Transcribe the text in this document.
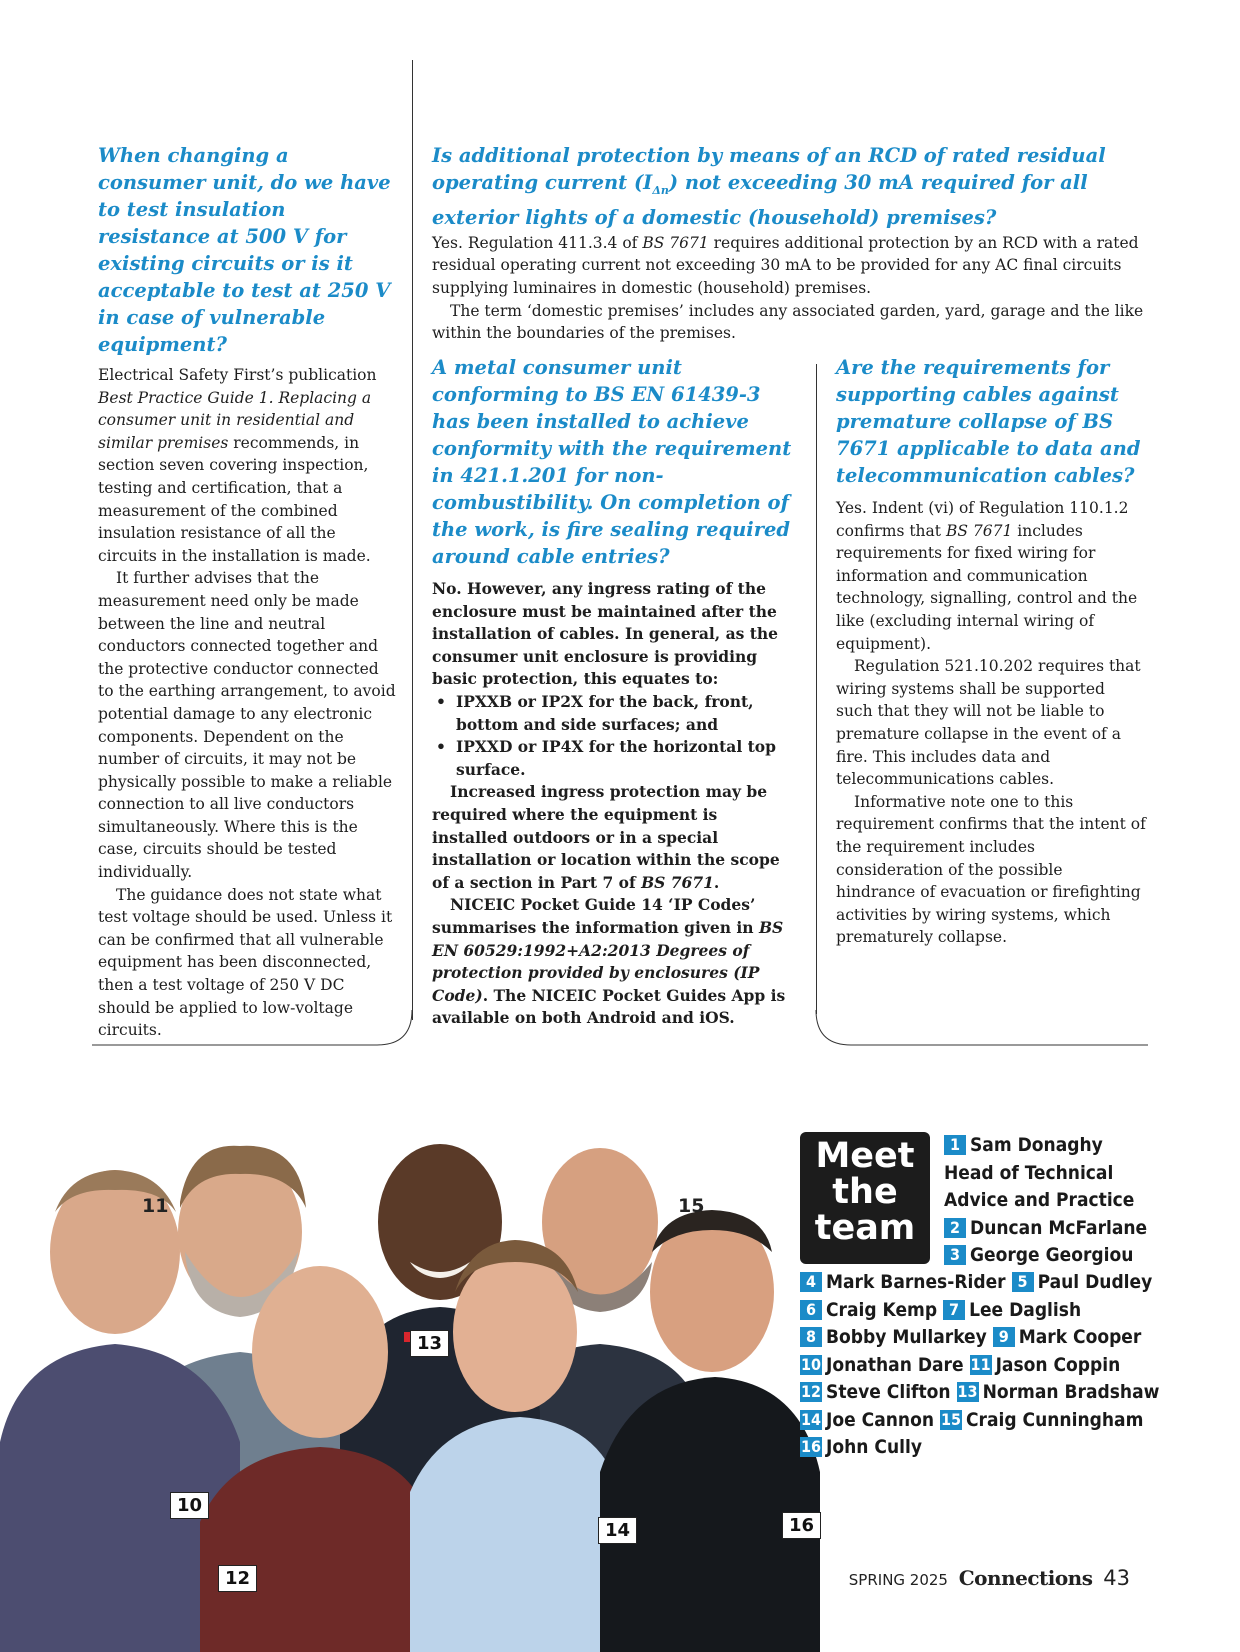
When changing a consumer unit, do we have to test insulation resistance at 500 V for existing circuits or is it acceptable to test at 250 V in case of vulnerable equipment?

Electrical Safety First’s publication Best Practice Guide 1. Replacing a consumer unit in residential and similar premises recommends, in section seven covering inspection, testing and certification, that a measurement of the combined insulation resistance of all the circuits in the installation is made.

It further advises that the measurement need only be made between the line and neutral conductors connected together and the protective conductor connected to the earthing arrangement, to avoid potential damage to any electronic components. Dependent on the number of circuits, it may not be physically possible to make a reliable connection to all live conductors simultaneously. Where this is the case, circuits should be tested individually.

The guidance does not state what test voltage should be used. Unless it can be confirmed that all vulnerable equipment has been disconnected, then a test voltage of 250 V DC should be applied to low-voltage circuits.

Is additional protection by means of an RCD of rated residual operating current $(I_{\Delta n})$ not exceeding 30 mA required for all exterior lights of a domestic (household) premises?

Yes. Regulation 411.3.4 of BS 7671 requires additional protection by an RCD with a rated residual operating current not exceeding 30 mA to be provided for any AC final circuits supplying luminaires in domestic (household) premises.

The term ‘domestic premises’ includes any associated garden, yard, garage and the like within the boundaries of the premises.

A metal consumer unit conforming to BS EN 61439-3 has been installed to achieve conformity with the requirement in 421.1.201 for non-combustibility. On completion of the work, is fire sealing required around cable entries?

No. However, any ingress rating of the enclosure must be maintained after the installation of cables. In general, as the consumer unit enclosure is providing basic protection, this equates to:

• IPXXB or IP2X for the back, front, bottom and side surfaces; and
• IPXXD or IP4X for the horizontal top surface.

Increased ingress protection may be required where the equipment is installed outdoors or in a special installation or location within the scope of a section in Part 7 of BS 7671.

NICEIC Pocket Guide 14 ‘IP Codes’ summarises the information given in BS EN 60529:1992+A2:2013 Degrees of protection provided by enclosures (IP Code). The NICEIC Pocket Guides App is available on both Android and iOS.

Are the requirements for supporting cables against premature collapse of BS 7671 applicable to data and telecommunication cables?

Yes. Indent (vi) of Regulation 110.1.2 confirms that BS 7671 includes requirements for fixed wiring for information and communication technology, signalling, control and the like (excluding internal wiring of equipment).

Regulation 521.10.202 requires that wiring systems shall be supported such that they will not be liable to premature collapse in the event of a fire. This includes data and telecommunications cables.

Informative note one to this requirement confirms that the intent of the requirement includes consideration of the possible hindrance of evacuation or firefighting activities by wiring systems, which prematurely collapse.

11	15
13
10
14	16
12
Meet
the
team
1 Sam Donaghy
Head of Technical
Advice and Practice
2 Duncan McFarlane
3 George Georgiou
4 Mark Barnes-Rider 5 Paul Dudley
6 Craig Kemp 7 Lee Daglish
8 Bobby Mullarkey 9 Mark Cooper
10 Jonathan Dare 11 Jason Coppin
12 Steve Clifton 13 Norman Bradshaw
14 Joe Cannon 15 Craig Cunningham
16 John Cully
SPRING 2025 Connections 43
